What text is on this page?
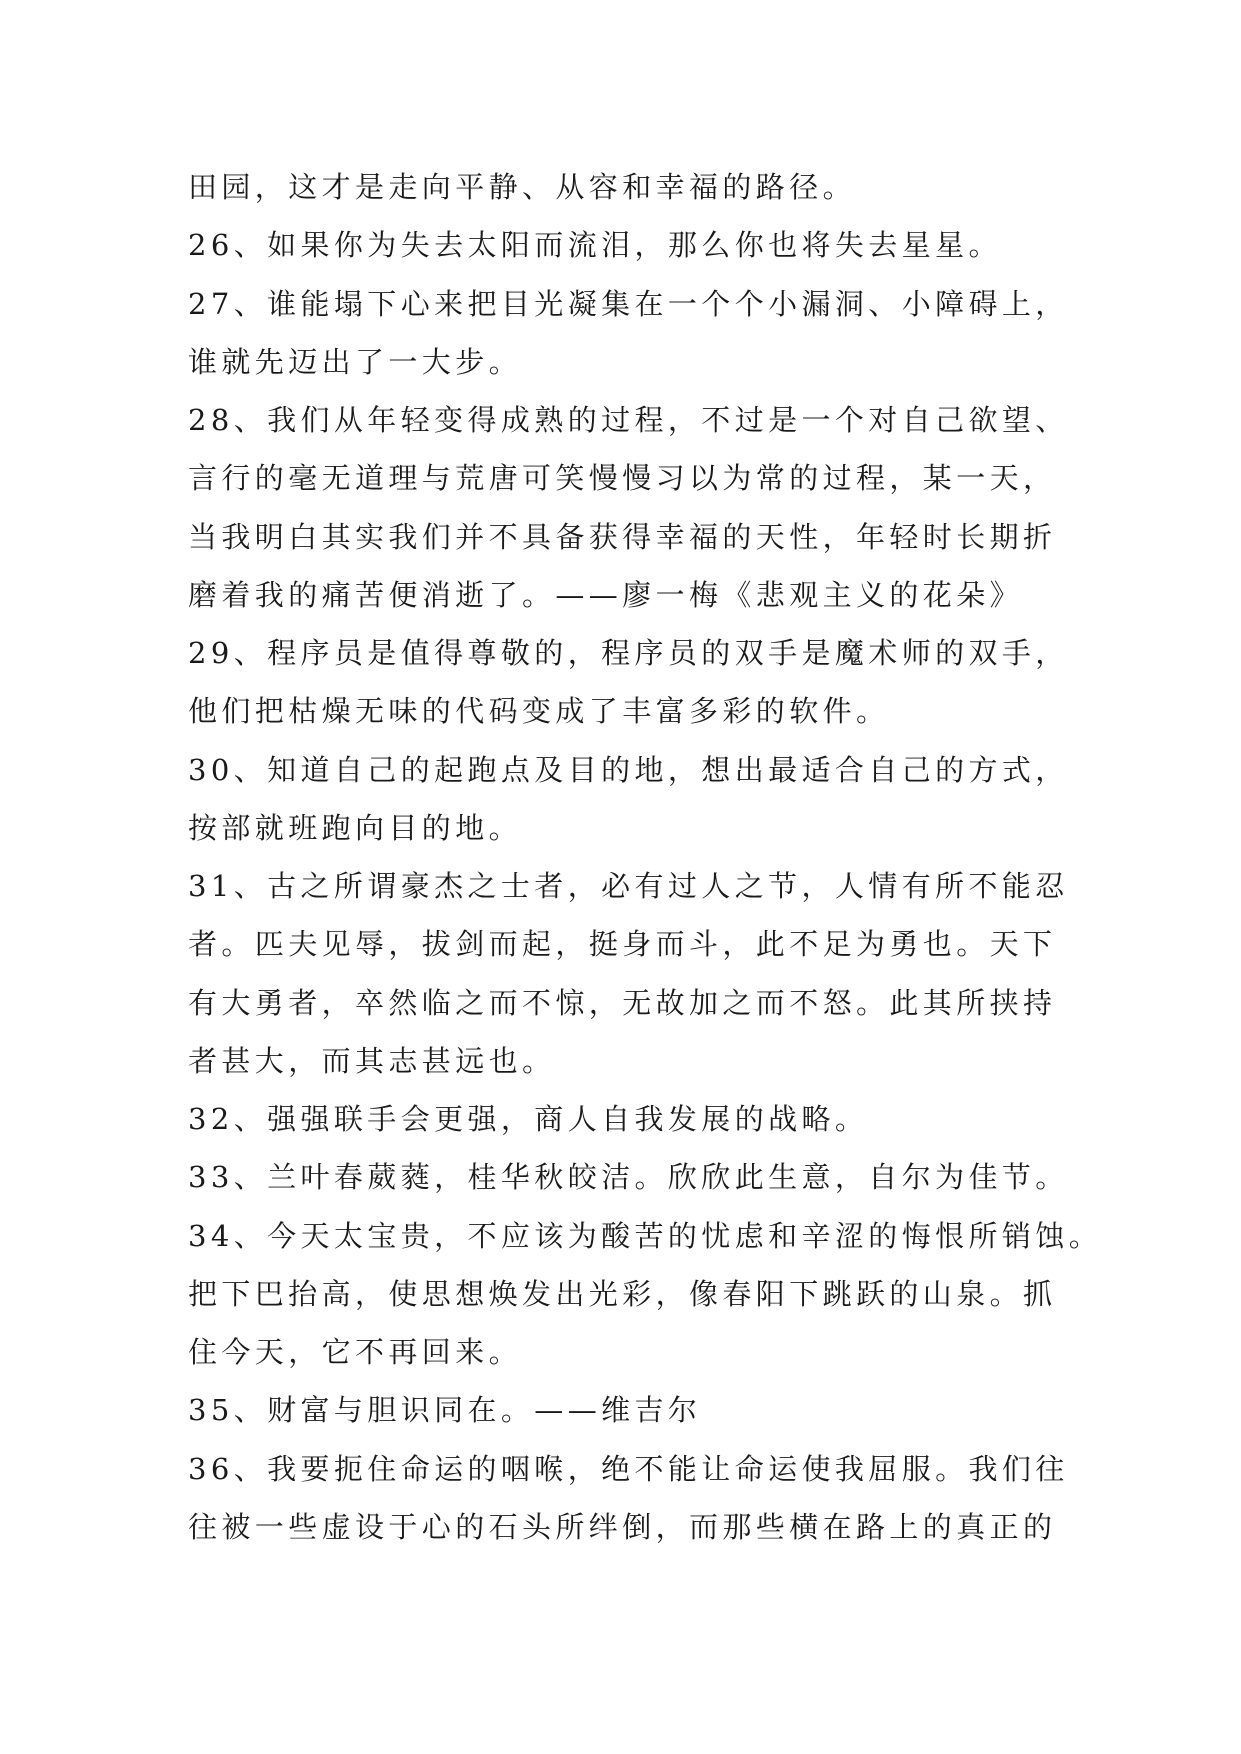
田园，这才是走向平静、从容和幸福的路径。
26、如果你为失去太阳而流泪，那么你也将失去星星。
27、谁能塌下心来把目光凝集在一个个小漏洞、小障碍上，
谁就先迈出了一大步。
28、我们从年轻变得成熟的过程，不过是一个对自己欲望、
言行的毫无道理与荒唐可笑慢慢习以为常的过程，某一天，
当我明白其实我们并不具备获得幸福的天性，年轻时长期折
磨着我的痛苦便消逝了。——廖一梅《悲观主义的花朵》
29、程序员是值得尊敬的，程序员的双手是魔术师的双手，
他们把枯燥无味的代码变成了丰富多彩的软件。
30、知道自己的起跑点及目的地，想出最适合自己的方式，
按部就班跑向目的地。
31、古之所谓豪杰之士者，必有过人之节，人情有所不能忍
者。匹夫见辱，拔剑而起，挺身而斗，此不足为勇也。天下
有大勇者，卒然临之而不惊，无故加之而不怒。此其所挟持
者甚大，而其志甚远也。
32、强强联手会更强，商人自我发展的战略。
33、兰叶春葳蕤，桂华秋皎洁。欣欣此生意，自尔为佳节。
34、今天太宝贵，不应该为酸苦的忧虑和辛涩的悔恨所销蚀。
把下巴抬高，使思想焕发出光彩，像春阳下跳跃的山泉。抓
住今天，它不再回来。
35、财富与胆识同在。——维吉尔
36、我要扼住命运的咽喉，绝不能让命运使我屈服。我们往
往被一些虚设于心的石头所绊倒，而那些横在路上的真正的
